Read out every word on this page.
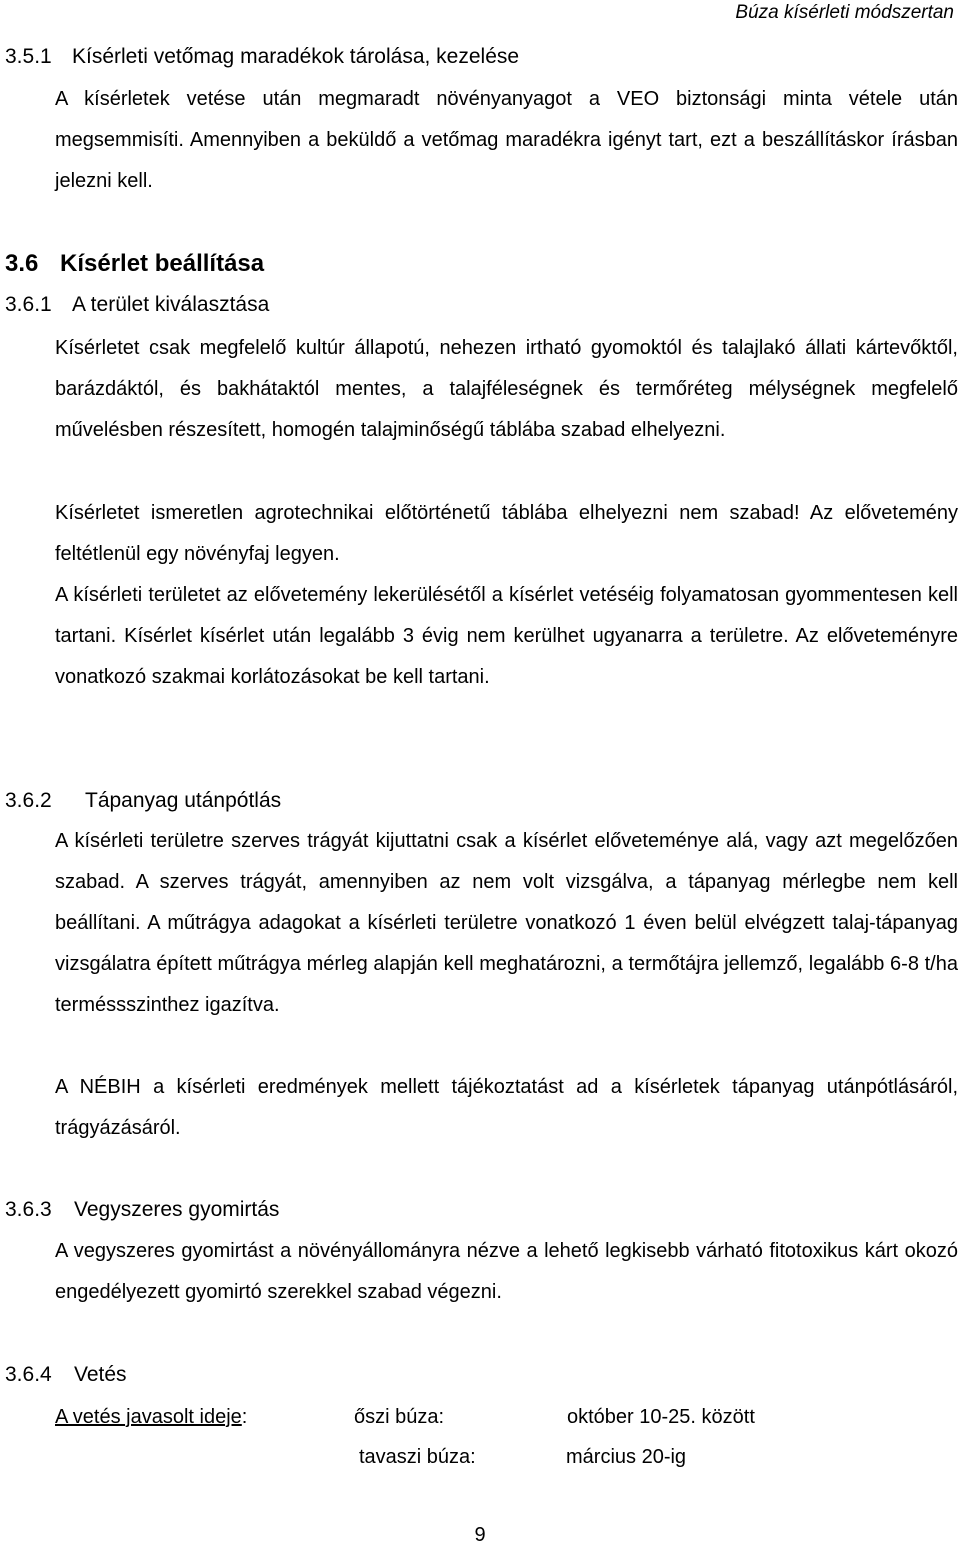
Búza kísérleti módszertan
3.5.1 Kísérleti vetőmag maradékok tárolása, kezelése

A kísérletek vetése után megmaradt növényanyagot a VEO biztonsági minta vétele után megsemmisíti. Amennyiben a beküldő a vetőmag maradékra igényt tart, ezt a beszállításkor írásban jelezni kell.

3.6 Kísérlet beállítása
3.6.1 A terület kiválasztása

Kísérletet csak megfelelő kultúr állapotú, nehezen irtható gyomoktól és talajlakó állati kártevőktől, barázdáktól, és bakhátaktól mentes, a talajféleségnek és termőréteg mélységnek megfelelő művelésben részesített, homogén talajminőségű táblába szabad elhelyezni.

Kísérletet ismeretlen agrotechnikai előtörténetű táblába elhelyezni nem szabad! Az elővetemény feltétlenül egy növényfaj legyen.

A kísérleti területet az elővetemény lekerülésétől a kísérlet vetéséig folyamatosan gyommentesen kell tartani. Kísérlet kísérlet után legalább 3 évig nem kerülhet ugyanarra a területre. Az előveteményre vonatkozó szakmai korlátozásokat be kell tartani.

3.6.2 Tápanyag utánpótlás

A kísérleti területre szerves trágyát kijuttatni csak a kísérlet előveteménye alá, vagy azt megelőzően szabad. A szerves trágyát, amennyiben az nem volt vizsgálva, a tápanyag mérlegbe nem kell beállítani. A műtrágya adagokat a kísérleti területre vonatkozó 1 éven belül elvégzett talaj-tápanyag vizsgálatra épített műtrágya mérleg alapján kell meghatározni, a termőtájra jellemző, legalább 6-8 t/ha terméssszinthez igazítva.

A NÉBIH a kísérleti eredmények mellett tájékoztatást ad a kísérletek tápanyag utánpótlásáról, trágyázásáról.

3.6.3 Vegyszeres gyomirtás

A vegyszeres gyomirtást a növényállományra nézve a lehető legkisebb várható fitotoxikus kárt okozó engedélyezett gyomirtó szerekkel szabad végezni.

3.6.4 Vetés
A vetés javasolt ideje:	őszi búza:	október 10-25. között
tavaszi búza:	március 20-ig
9
